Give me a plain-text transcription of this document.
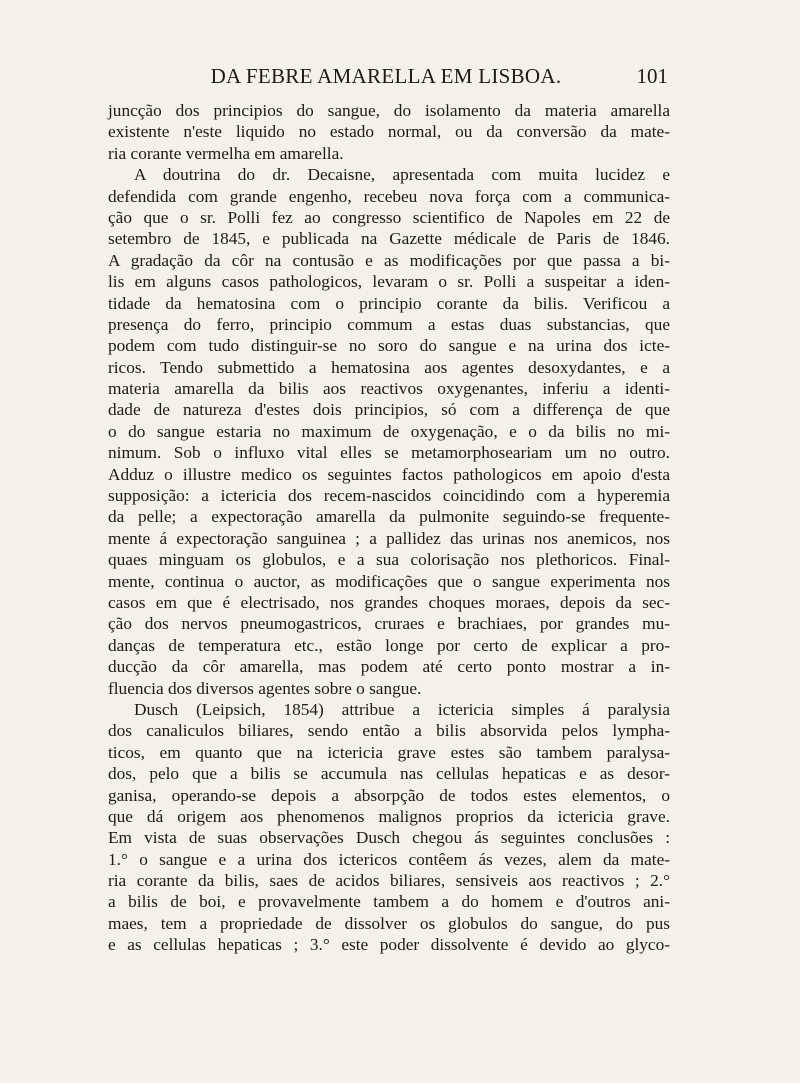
DA FEBRE AMARELLA EM LISBOA.	101
juncção dos principios do sangue, do isolamento da materia amarella
existente n'este liquido no estado normal, ou da conversão da mate-
ria corante vermelha em amarella.
A doutrina do dr. Decaisne, apresentada com muita lucidez e
defendida com grande engenho, recebeu nova força com a communica-
ção que o sr. Polli fez ao congresso scientifico de Napoles em 22 de
setembro de 1845, e publicada na Gazette médicale de Paris de 1846.
A gradação da côr na contusão e as modificações por que passa a bi-
lis em alguns casos pathologicos, levaram o sr. Polli a suspeitar a iden-
tidade da hematosina com o principio corante da bilis. Verificou a
presença do ferro, principio commum a estas duas substancias, que
podem com tudo distinguir-se no soro do sangue e na urina dos icte-
ricos. Tendo submettido a hematosina aos agentes desoxydantes, e a
materia amarella da bilis aos reactivos oxygenantes, inferiu a identi-
dade de natureza d'estes dois principios, só com a differença de que
o do sangue estaria no maximum de oxygenação, e o da bilis no mi-
nimum. Sob o influxo vital elles se metamorphoseariam um no outro.
Adduz o illustre medico os seguintes factos pathologicos em apoio d'esta
supposição: a ictericia dos recem-nascidos coincidindo com a hyperemia
da pelle; a expectoração amarella da pulmonite seguindo-se frequente-
mente á expectoração sanguinea ; a pallidez das urinas nos anemicos, nos
quaes minguam os globulos, e a sua colorisação nos plethoricos. Final-
mente, continua o auctor, as modificações que o sangue experimenta nos
casos em que é electrisado, nos grandes choques moraes, depois da sec-
ção dos nervos pneumogastricos, cruraes e brachiaes, por grandes mu-
danças de temperatura etc., estão longe por certo de explicar a pro-
ducção da côr amarella, mas podem até certo ponto mostrar a in-
fluencia dos diversos agentes sobre o sangue.
Dusch (Leipsich, 1854) attribue a ictericia simples á paralysia
dos canaliculos biliares, sendo então a bilis absorvida pelos lympha-
ticos, em quanto que na ictericia grave estes são tambem paralysa-
dos, pelo que a bilis se accumula nas cellulas hepaticas e as desor-
ganisa, operando-se depois a absorpção de todos estes elementos, o
que dá origem aos phenomenos malignos proprios da ictericia grave.
Em vista de suas observações Dusch chegou ás seguintes conclusões :
1.° o sangue e a urina dos ictericos contêem ás vezes, alem da mate-
ria corante da bilis, saes de acidos biliares, sensiveis aos reactivos ; 2.°
a bilis de boi, e provavelmente tambem a do homem e d'outros ani-
maes, tem a propriedade de dissolver os globulos do sangue, do pus
e as cellulas hepaticas ; 3.° este poder dissolvente é devido ao glyco-
